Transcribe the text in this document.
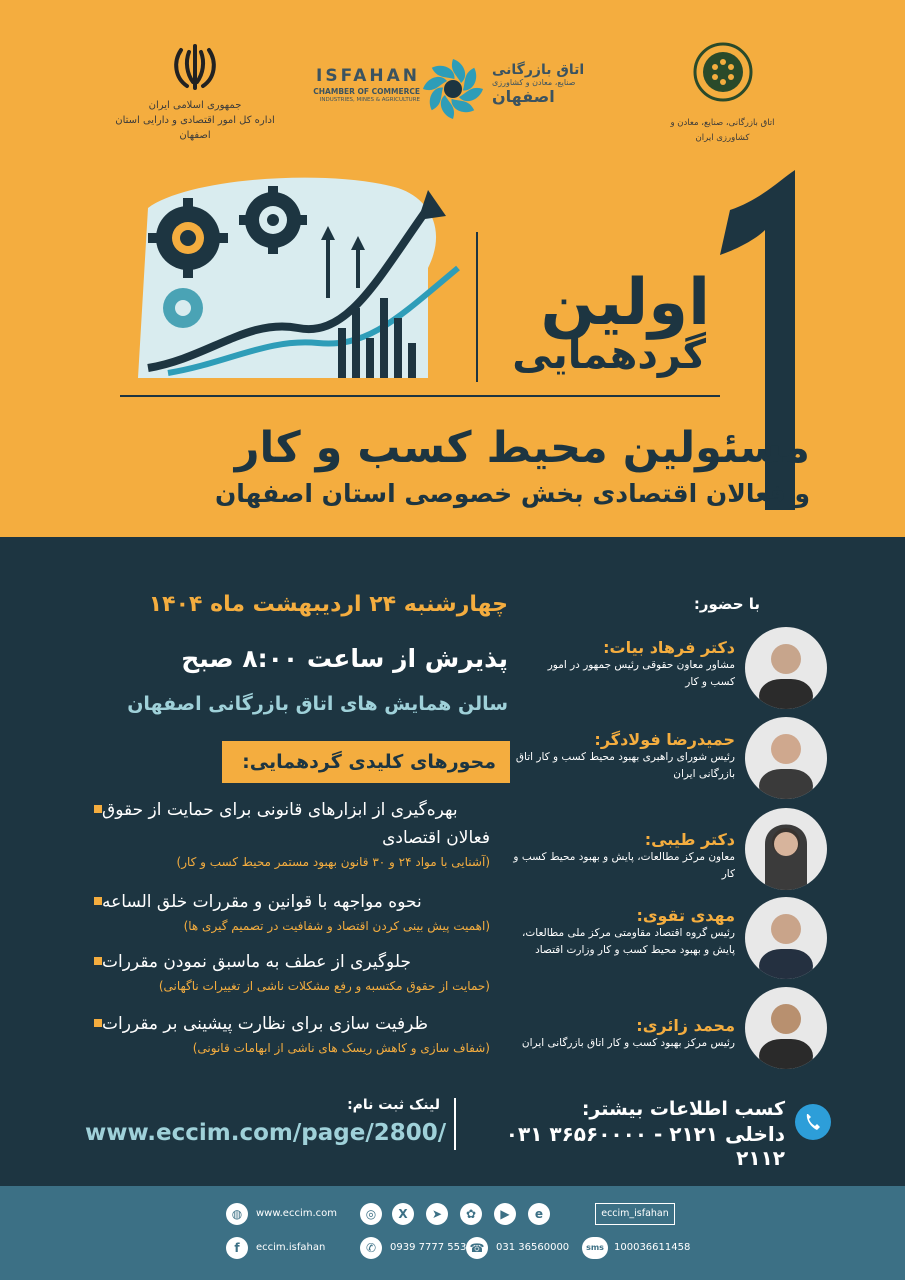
جمهوری اسلامی ایران
اداره کل امور اقتصادی و دارایی استان اصفهان
ISFAHAN
CHAMBER OF COMMERCE
INDUSTRIES, MINES & AGRICULTURE
اتاق بازرگانی
صنایع، معادن و کشاورزی
اصفهان
اتاق بازرگانی، صنایع، معادن و کشاورزی ایران
۱
اولین
گردهمایی
مسئولین محیط کسب و کار
و فعالان اقتصادی بخش خصوصی استان اصفهان
چهارشنبه ۲۴ اردیبهشت ماه ۱۴۰۴
پذیرش از ساعت ۸:۰۰ صبح
سالن همایش های اتاق بازرگانی اصفهان
محورهای کلیدی گردهمایی:
بهره‌گیری از ابزارهای قانونی برای حمایت از حقوق
فعالان اقتصادی
(آشنایی با مواد ۲۴ و ۳۰ قانون بهبود مستمر محیط کسب و کار)
نحوه مواجهه با قوانین و مقررات خلق الساعه
(اهمیت پیش بینی کردن اقتصاد و شفافیت در تصمیم گیری ها)
جلوگیری از عطف به ماسبق نمودن مقررات
(حمایت از حقوق مکتسبه و رفع مشکلات ناشی از تغییرات ناگهانی)
ظرفیت سازی برای نظارت پیشینی بر مقررات
(شفاف سازی و کاهش ریسک های ناشی از ابهامات قانونی)
با حضور:
دکتر فرهاد بیات:
مشاور معاون حقوقی رئیس جمهور در امور
کسب و کار
حمیدرضا فولادگر:
رئیس شورای راهبری بهبود محیط کسب و کار اتاق
بازرگانی ایران
دکتر طیبی:
معاون مرکز مطالعات، پایش و بهبود محیط کسب و کار
مهدی تقوی:
رئیس گروه اقتصاد مقاومتی مرکز ملی مطالعات،
پایش و بهبود محیط کسب و کار وزارت اقتصاد
محمد زائری:
رئیس مرکز بهبود کسب و کار اتاق بازرگانی ایران
کسب اطلاعات بیشتر:
۰۳۱ ۳۶۵۶۰۰۰۰ داخلی ۲۱۲۱ - ۲۱۱۲
لینک ثبت نام:
www.eccim.com/page/2800/
◍	www.eccim.com	◎	X	➤	✿	▶	e	eccim_isfahan
f	eccim.isfahan	✆	0939 7777 553 ☎	031 36560000	sms	100036611458
